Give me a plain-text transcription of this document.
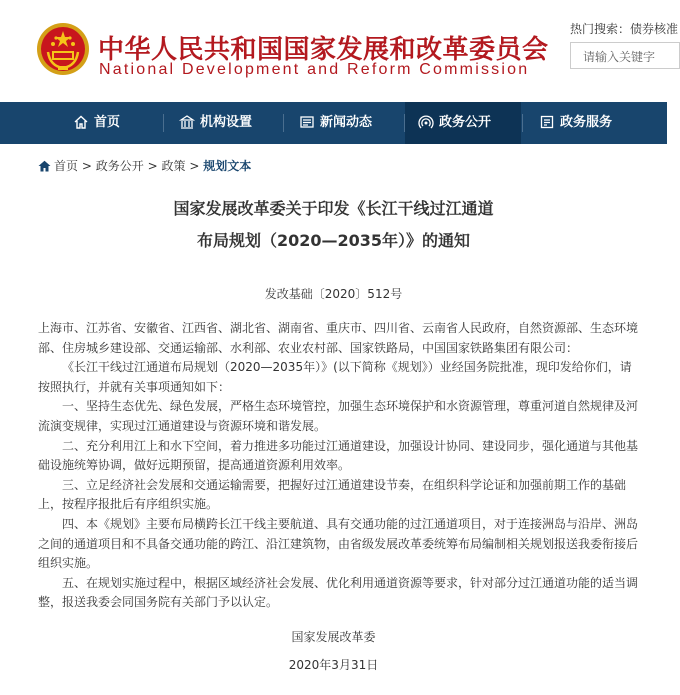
中华人民共和国国家发展和改革委员会
National Development and Reform Commission
热门搜索：债券核准
请输入关键字
首页	机构设置	新闻动态	政务公开	政务服务
首页 > 政务公开 > 政策 > 规划文本
国家发展改革委关于印发《长江干线过江通道
布局规划（2020—2035年）》的通知
发改基础〔2020〕512号

上海市、江苏省、安徽省、江西省、湖北省、湖南省、重庆市、四川省、云南省人民政府，自然资源部、生态环境部、住房城乡建设部、交通运输部、水利部、农业农村部、国家铁路局，中国国家铁路集团有限公司：

《长江干线过江通道布局规划（2020—2035年）》(以下简称《规划》）业经国务院批准，现印发给你们，请按照执行，并就有关事项通知如下：

一、坚持生态优先、绿色发展，严格生态环境管控，加强生态环境保护和水资源管理，尊重河道自然规律及河流演变规律，实现过江通道建设与资源环境和谐发展。

二、充分利用江上和水下空间，着力推进多功能过江通道建设，加强设计协同、建设同步，强化通道与其他基础设施统筹协调，做好远期预留，提高通道资源利用效率。

三、立足经济社会发展和交通运输需要，把握好过江通道建设节奏，在组织科学论证和加强前期工作的基础上，按程序报批后有序组织实施。

四、本《规划》主要布局横跨长江干线主要航道、具有交通功能的过江通道项目，对于连接洲岛与沿岸、洲岛之间的通道项目和不具备交通功能的跨江、沿江建筑物，由省级发展改革委统筹布局编制相关规划报送我委衔接后组织实施。

五、在规划实施过程中，根据区域经济社会发展、优化利用通道资源等要求，针对部分过江通道功能的适当调整，报送我委会同国务院有关部门予以认定。

国家发展改革委
2020年3月31日
